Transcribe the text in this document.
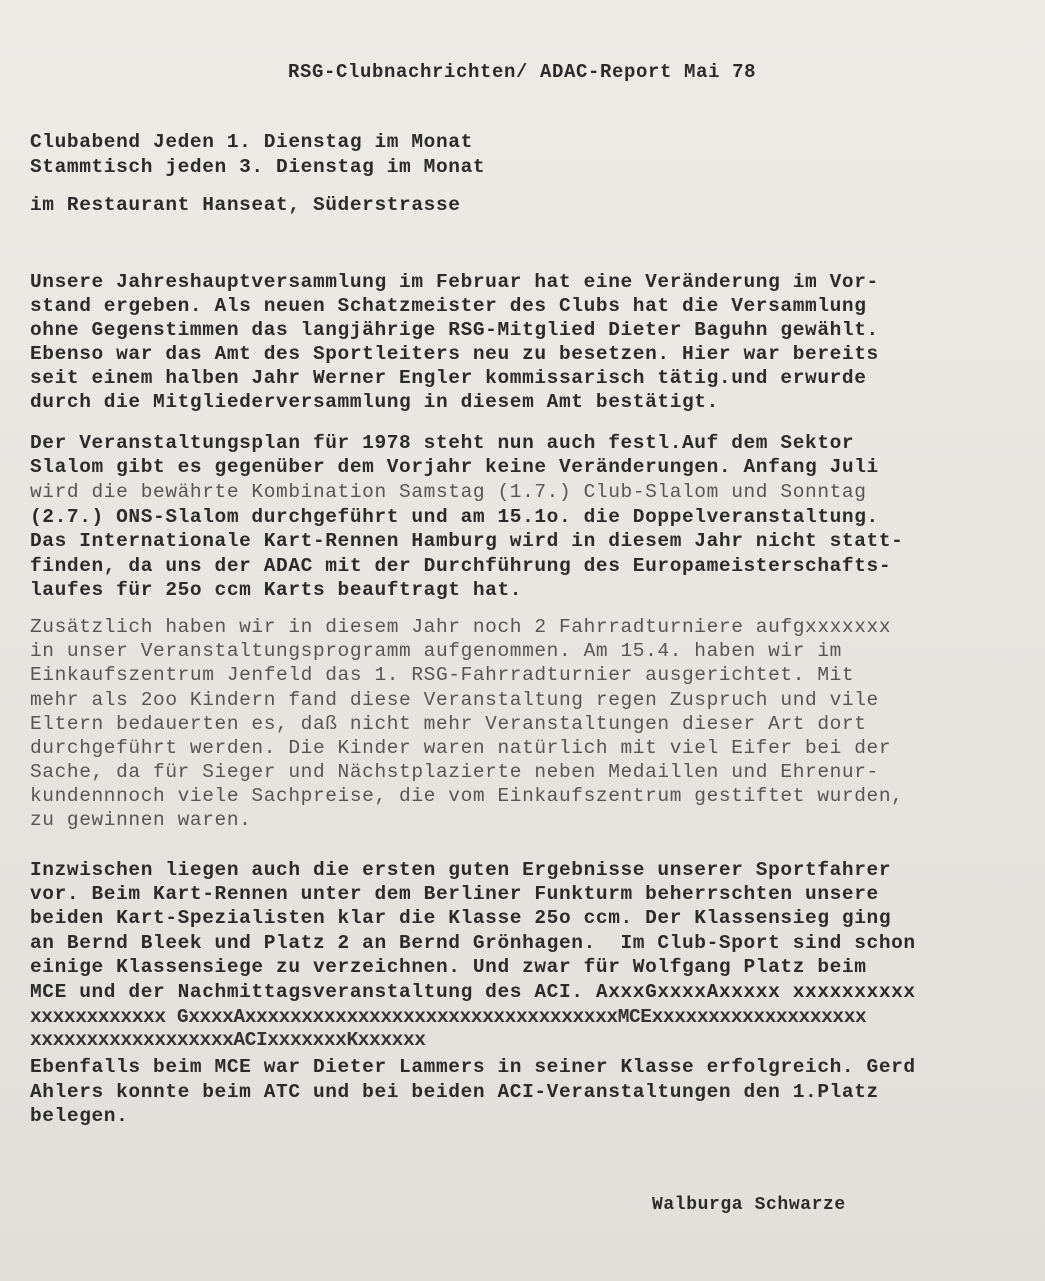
RSG-Clubnachrichten/ ADAC-Report Mai 78
Clubabend Jeden 1. Dienstag im Monat
Stammtisch jeden 3. Dienstag im Monat
im Restaurant Hanseat, Süderstrasse
Unsere Jahreshauptversammlung im Februar hat eine Veränderung im Vor-
stand ergeben. Als neuen Schatzmeister des Clubs hat die Versammlung
ohne Gegenstimmen das langjährige RSG-Mitglied Dieter Baguhn gewählt.
Ebenso war das Amt des Sportleiters neu zu besetzen. Hier war bereits
seit einem halben Jahr Werner Engler kommissarisch tätig.und erwurde
durch die Mitgliederversammlung in diesem Amt bestätigt.
Der Veranstaltungsplan für 1978 steht nun auch festl.Auf dem Sektor
Slalom gibt es gegenüber dem Vorjahr keine Veränderungen. Anfang Juli
wird die bewährte Kombination Samstag (1.7.) Club-Slalom und Sonntag
(2.7.) ONS-Slalom durchgeführt und am 15.1o. die Doppelveranstaltung.
Das Internationale Kart-Rennen Hamburg wird in diesem Jahr nicht statt-
finden, da uns der ADAC mit der Durchführung des Europameisterschafts-
laufes für 25o ccm Karts beauftragt hat.
Zusätzlich haben wir in diesem Jahr noch 2 Fahrradturniere aufgxxxxxxx
in unser Veranstaltungsprogramm aufgenommen. Am 15.4. haben wir im
Einkaufszentrum Jenfeld das 1. RSG-Fahrradturnier ausgerichtet. Mit
mehr als 2oo Kindern fand diese Veranstaltung regen Zuspruch und vile
Eltern bedauerten es, daß nicht mehr Veranstaltungen dieser Art dort
durchgeführt werden. Die Kinder waren natürlich mit viel Eifer bei der
Sache, da für Sieger und Nächstplazierte neben Medaillen und Ehrenur-
kundennnoch viele Sachpreise, die vom Einkaufszentrum gestiftet wurden,
zu gewinnen waren.
Inzwischen liegen auch die ersten guten Ergebnisse unserer Sportfahrer
vor. Beim Kart-Rennen unter dem Berliner Funkturm beherrschten unsere
beiden Kart-Spezialisten klar die Klasse 25o ccm. Der Klassensieg ging
an Bernd Bleek und Platz 2 an Bernd Grönhagen.  Im Club-Sport sind schon
einige Klassensiege zu verzeichnen. Und zwar für Wolfgang Platz beim
MCE und der Nachmittagsveranstaltung des ACI. AxxxGxxxxAxxxxx xxxxxxxxxx
xxxxxxxxxxxx GxxxxAxxxxxxxxxxxxxxxxxxxxxxxxxxxxxxxxxMCExxxxxxxxxxxxxxxxxxx
xxxxxxxxxxxxxxxxxxACIxxxxxxxKxxxxxx
Ebenfalls beim MCE war Dieter Lammers in seiner Klasse erfolgreich. Gerd
Ahlers konnte beim ATC und bei beiden ACI-Veranstaltungen den 1.Platz
belegen.
Walburga Schwarze
